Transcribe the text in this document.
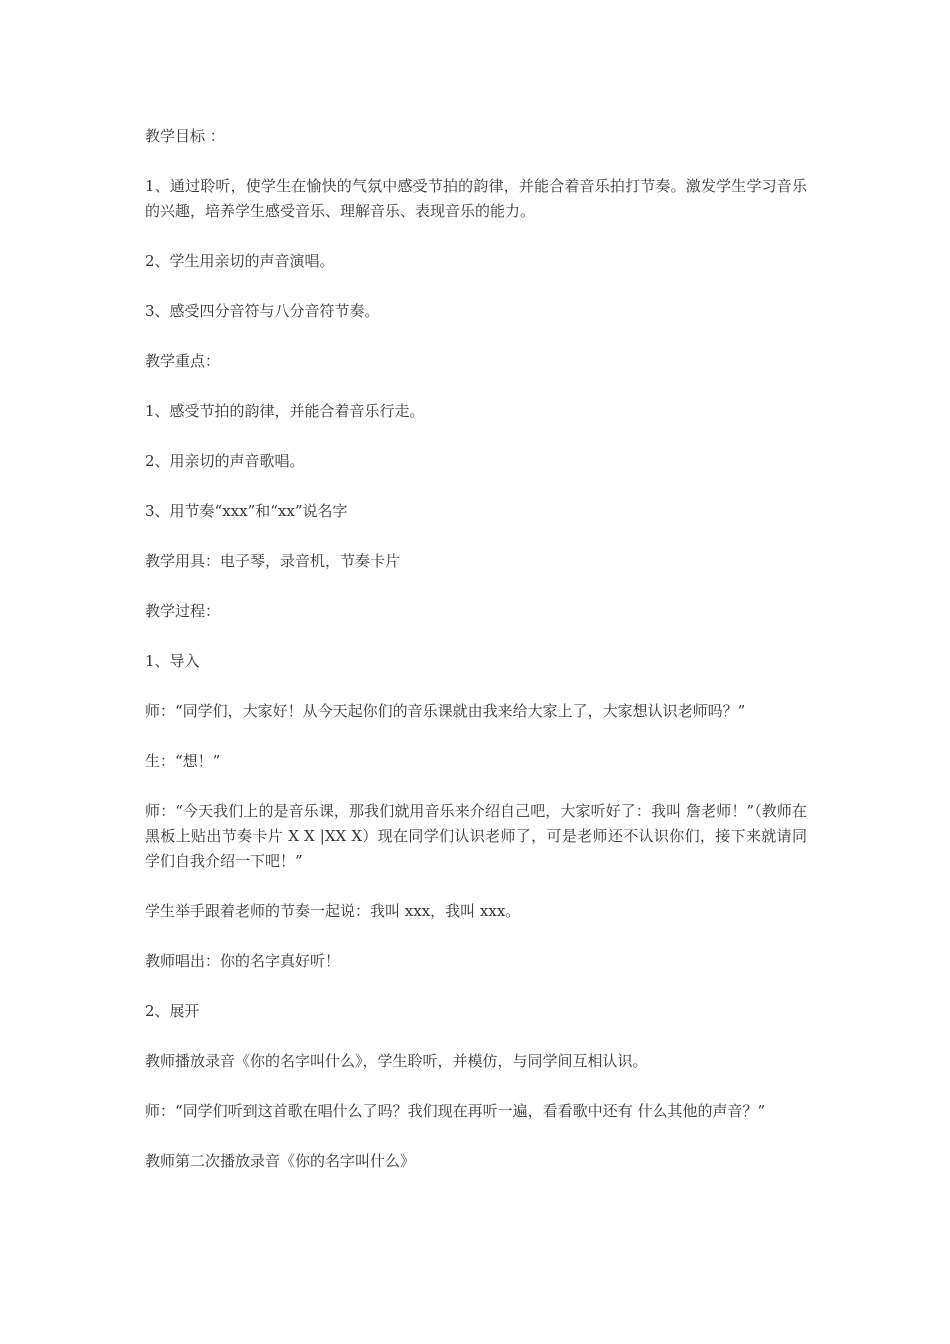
教学目标 ：

1、通过聆听，使学生在愉快的气氛中感受节拍的韵律，并能合着音乐拍打节奏。激发学生学习音乐的兴趣，培养学生感受音乐、理解音乐、表现音乐的能力。

2、学生用亲切的声音演唱。

3、感受四分音符与八分音符节奏。

教学重点：

1、感受节拍的韵律，并能合着音乐行走。

2、用亲切的声音歌唱。

3、用节奏“xxx”和“xx”说名字

教学用具：电子琴，录音机，节奏卡片

教学过程：

1、导入

师：“同学们，大家好！从今天起你们的音乐课就由我来给大家上了，大家想认识老师吗？”

生：“想！”

师：“今天我们上的是音乐课，那我们就用音乐来介绍自己吧，大家听好了：我叫 詹老师！”（教师在黑板上贴出节奏卡片 X X |XX X）现在同学们认识老师了，可是老师还不认识你们，接下来就请同学们自我介绍一下吧！”

学生举手跟着老师的节奏一起说：我叫 xxx，我叫 xxx。

教师唱出：你的名字真好听！

2、展开

教师播放录音《你的名字叫什么》，学生聆听，并模仿，与同学间互相认识。

师：“同学们听到这首歌在唱什么了吗？我们现在再听一遍，看看歌中还有 什么其他的声音？”

教师第二次播放录音《你的名字叫什么》
